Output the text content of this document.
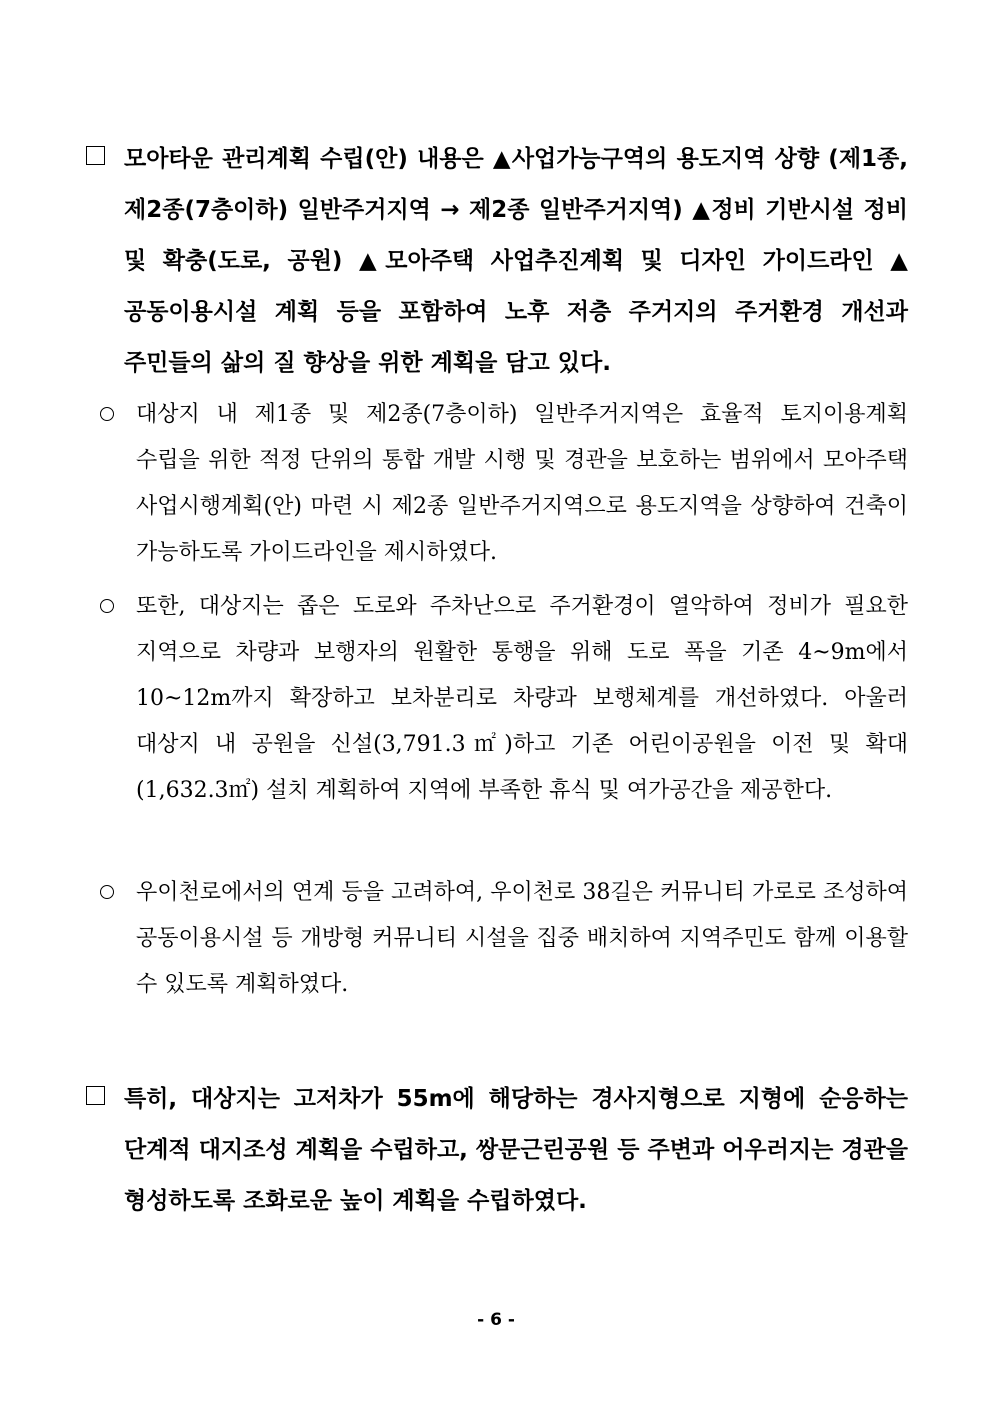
모아타운 관리계획 수립(안) 내용은 ▲사업가능구역의 용도지역 상향 (제1종, 제2종(7층이하) 일반주거지역 → 제2종 일반주거지역) ▲정비 기반시설 정비 및 확충(도로, 공원) ▲모아주택 사업추진계획 및 디자인 가이드라인 ▲공동이용시설 계획 등을 포함하여 노후 저층 주거지의 주거환경 개선과 주민들의 삶의 질 향상을 위한 계획을 담고 있다.
대상지 내 제1종 및 제2종(7층이하) 일반주거지역은 효율적 토지이용계획 수립을 위한 적정 단위의 통합 개발 시행 및 경관을 보호하는 범위에서 모아주택 사업시행계획(안) 마련 시 제2종 일반주거지역으로 용도지역을 상향하여 건축이 가능하도록 가이드라인을 제시하였다.
또한, 대상지는 좁은 도로와 주차난으로 주거환경이 열악하여 정비가 필요한 지역으로 차량과 보행자의 원활한 통행을 위해 도로 폭을 기존 4~9m에서 10~12m까지 확장하고 보차분리로 차량과 보행체계를 개선하였다. 아울러 대상지 내 공원을 신설(3,791.3㎡)하고 기존 어린이공원을 이전 및 확대(1,632.3㎡) 설치 계획하여 지역에 부족한 휴식 및 여가공간을 제공한다.
우이천로에서의 연계 등을 고려하여, 우이천로 38길은 커뮤니티 가로로 조성하여 공동이용시설 등 개방형 커뮤니티 시설을 집중 배치하여 지역주민도 함께 이용할 수 있도록 계획하였다.
특히, 대상지는 고저차가 55m에 해당하는 경사지형으로 지형에 순응하는 단계적 대지조성 계획을 수립하고, 쌍문근린공원 등 주변과 어우러지는 경관을 형성하도록 조화로운 높이 계획을 수립하였다.
- 6 -
